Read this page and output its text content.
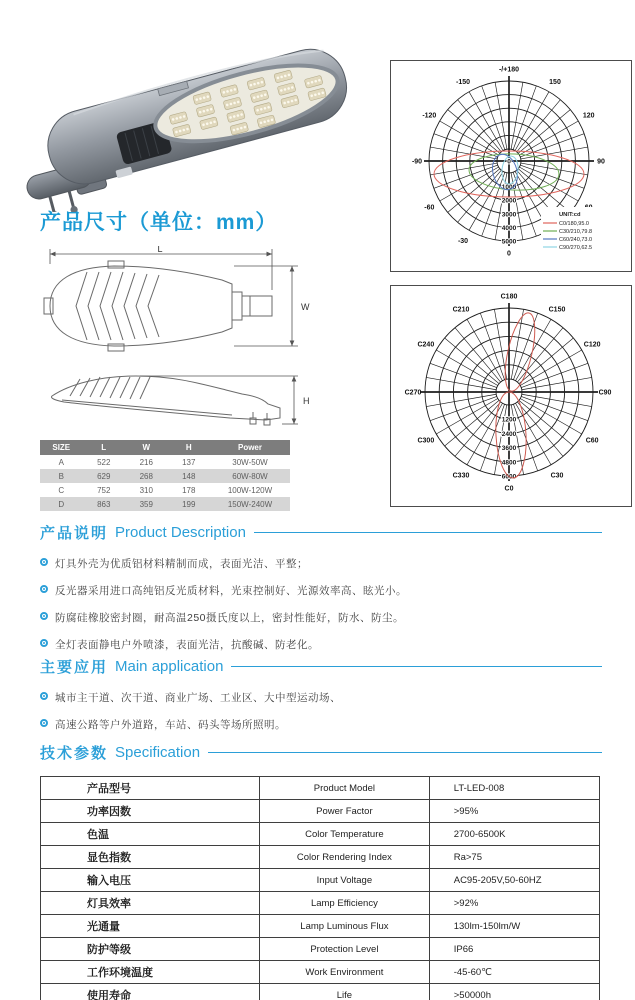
-/+180
150
120
90
0
-30
-60
-90
-120
-150
0
1000
2000
3000
4000
5000
UNIT:cd
C0/180,95.0
C30/210,79.8
C60/240,73.0
C90/270,62.5
C0
C30
C60
C90
C120
C150
C180
C210
C240
C270
C300
C330
1200
2400
3600
4800
6000
产品尺寸（单位：mm）
L
W
H
SIZE	L	W	H	Power
A	522	216	137	30W-50W
B	629	268	148	60W-80W
C	752	310	178	100W-120W
D	863	359	199	150W-240W
产品说明 Product Description
灯具外壳为优质铝材料精制而成，表面光洁、平整；
反光器采用进口高纯铝反光质材料，光束控制好、光源效率高、眩光小。
防腐硅橡胶密封圈，耐高温250摄氏度以上，密封性能好，防水、防尘。
全灯表面静电户外喷漆，表面光洁，抗酸碱、防老化。
主要应用 Main application
城市主干道、次干道、商业广场、工业区、大中型运动场、
高速公路等户外道路，车站、码头等场所照明。
技术参数 Specification
产品型号	Product Model	LT-LED-008
功率因数	Power Factor	>95%
色温	Color Temperature	2700-6500K
显色指数	Color Rendering Index	Ra>75
输入电压	Input Voltage	AC95-205V,50-60HZ
灯具效率	Lamp Efficiency	>92%
光通量	Lamp Luminous Flux	130lm-150lm/W
防护等级	Protection Level	IP66
工作环境温度	Work Environment	-45-60℃
使用寿命	Life	>50000h
